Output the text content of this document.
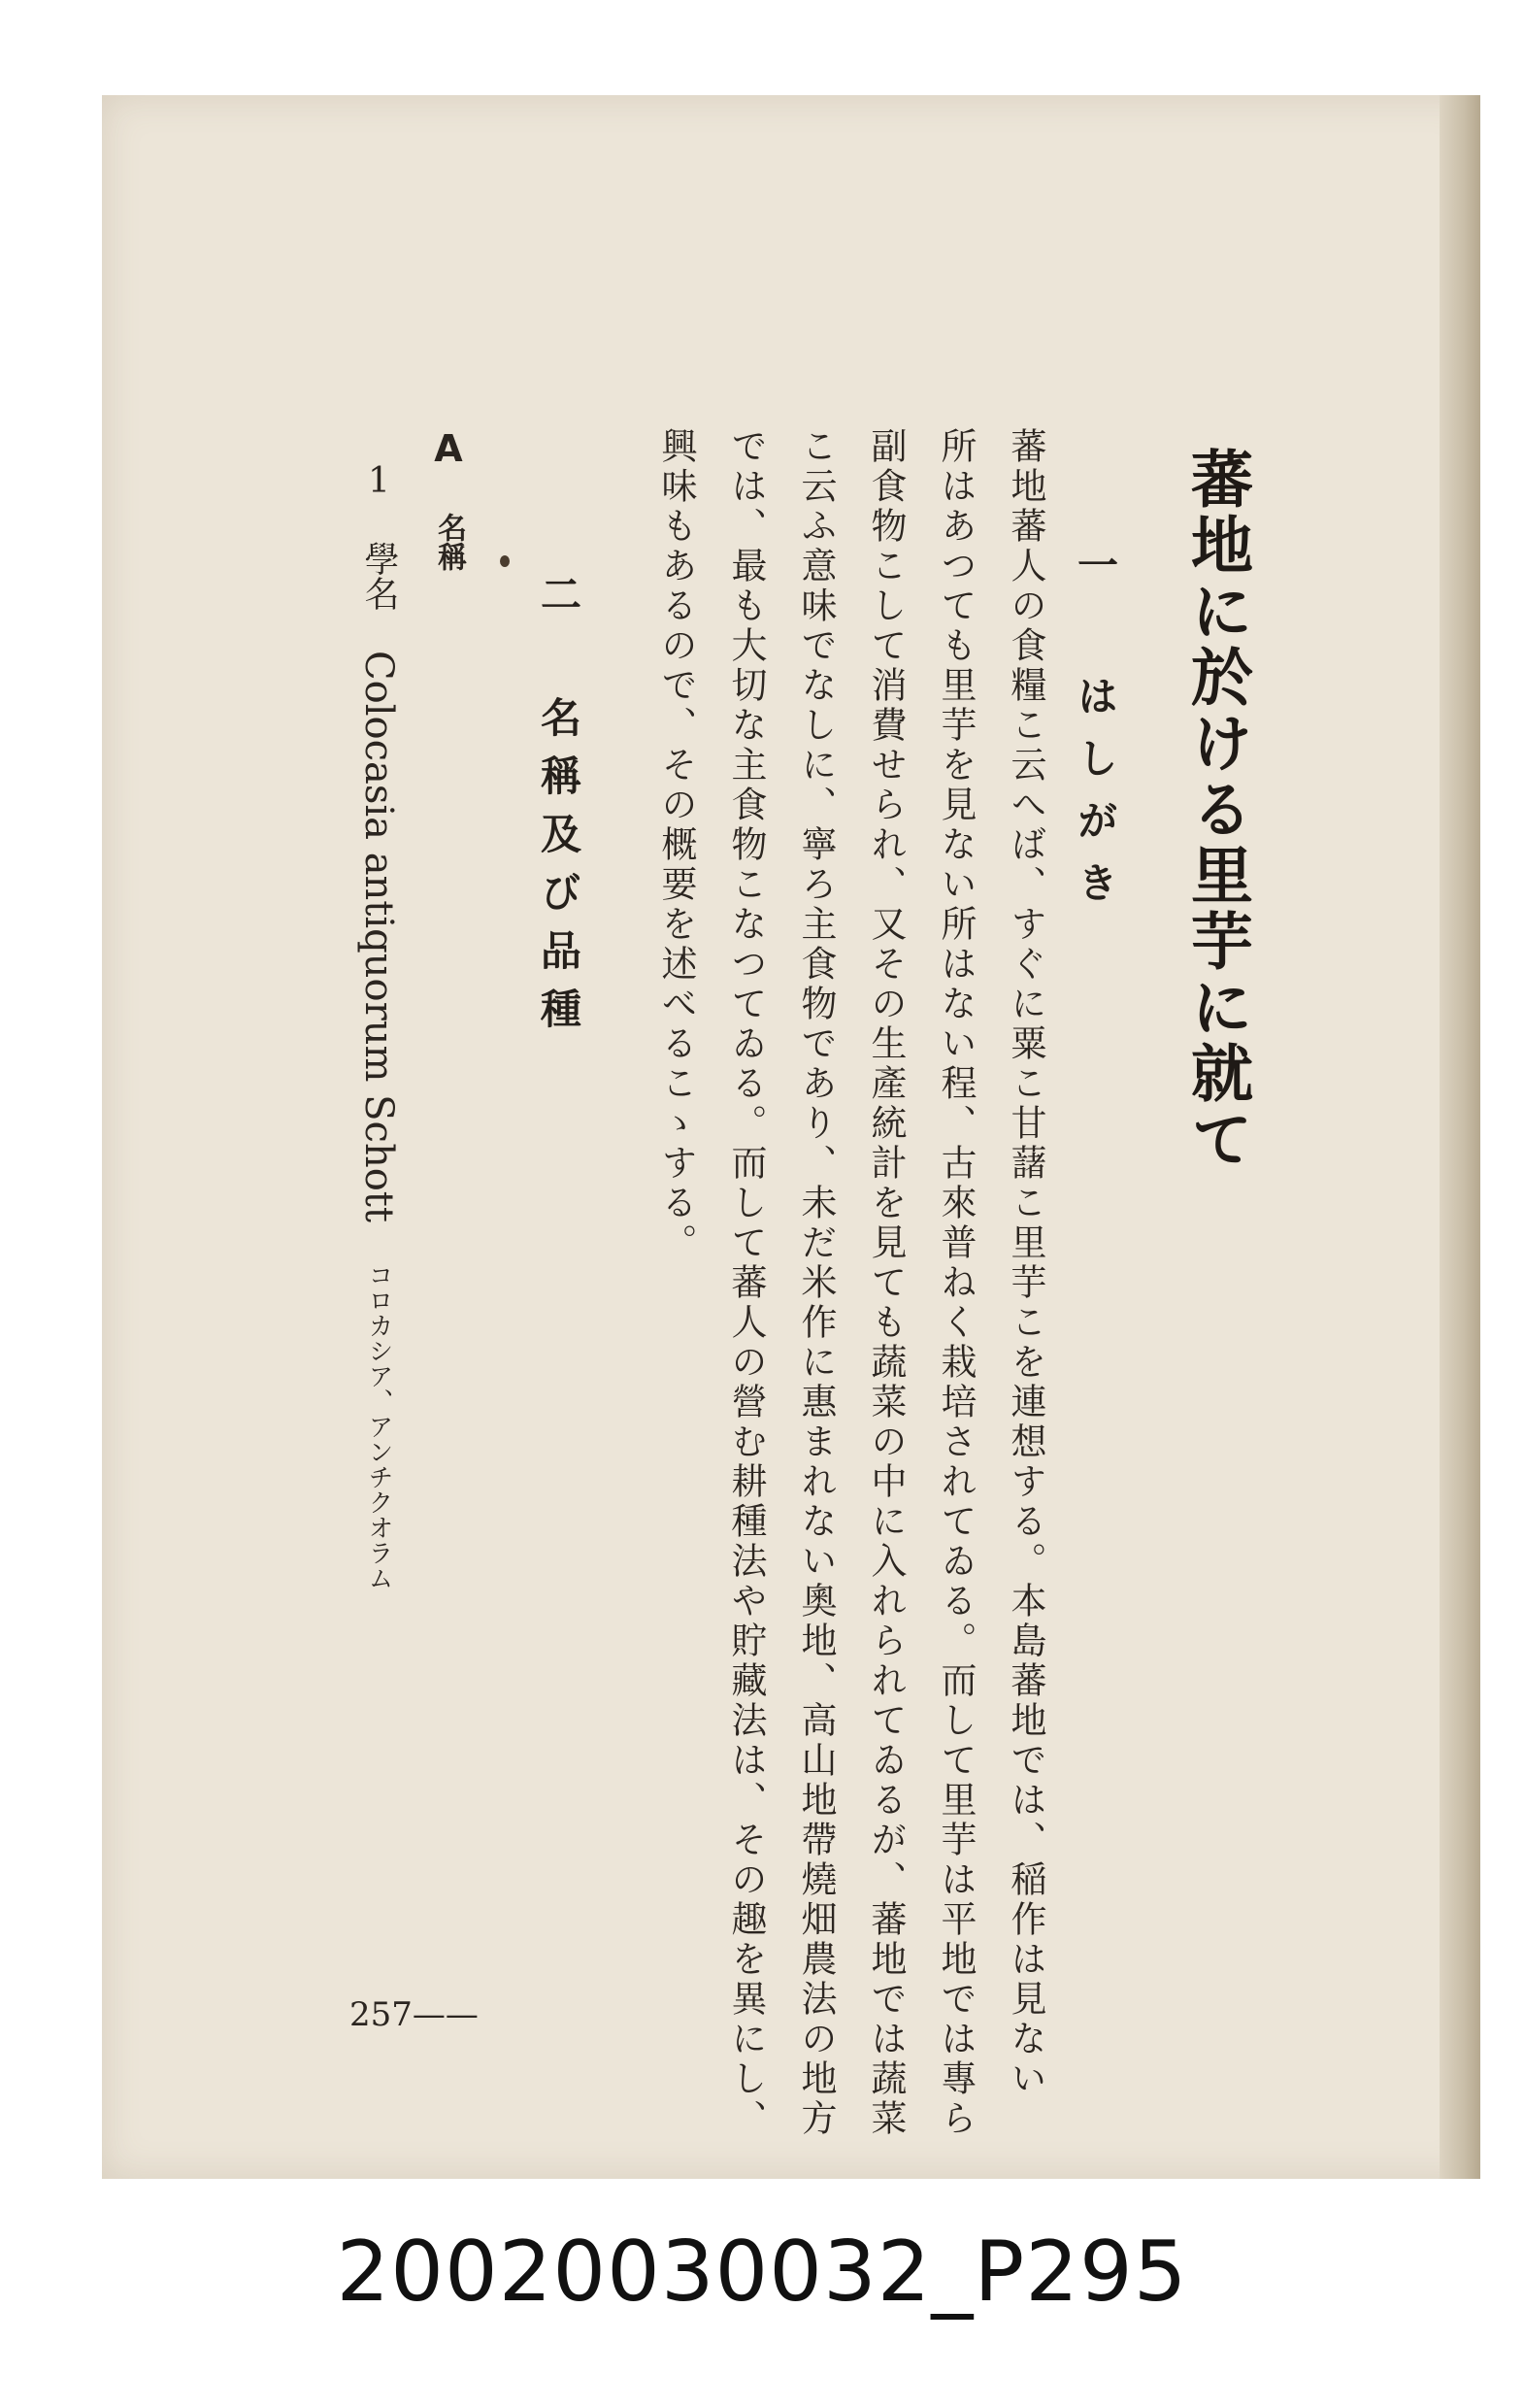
蕃地に於ける里芋に就て
一 はしがき
蕃地蕃人の食糧こ云へば、すぐに粟こ甘藷こ里芋こを連想する。本島蕃地では、稲作は見ない
所はあつても里芋を見ない所はない程、古來普ねく栽培されてゐる。而して里芋は平地では專ら
副食物こして消費せられ、又その生產統計を見ても蔬菜の中に入れられてゐるが、蕃地では蔬菜
こ云ふ意味でなしに、寧ろ主食物であり、未だ米作に惠まれない奧地、高山地帶燒畑農法の地方
では、最も大切な主食物こなつてゐる。而して蕃人の營む耕種法や貯藏法は、その趣を異にし、
興味もあるので、その概要を述べるこゝする。
二 名稱及び品種
A 名稱
1 學名 Colocasia antiquorum Schott コロカシア、アンチクオラム
257——
20020030032_P295
